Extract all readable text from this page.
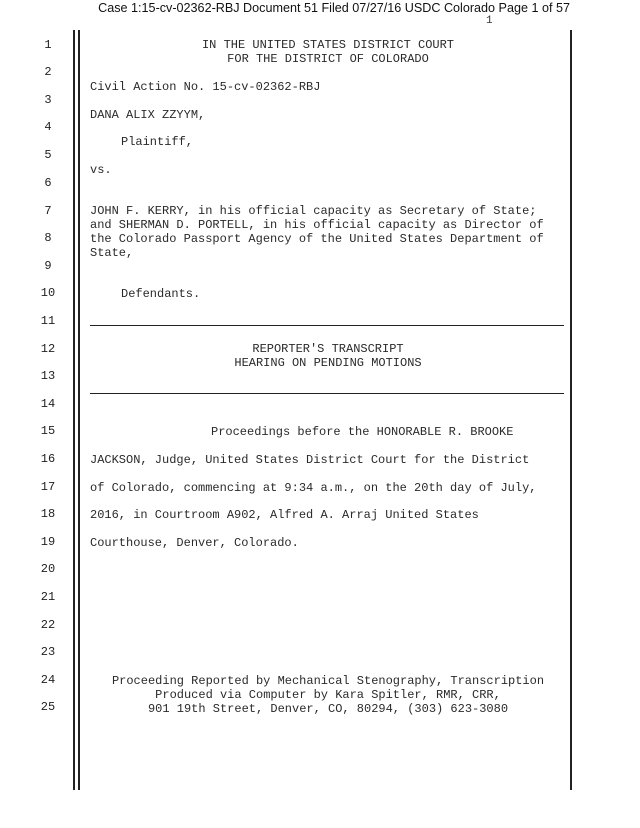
Case 1:15-cv-02362-RBJ Document 51 Filed 07/27/16 USDC Colorado Page 1 of 57
1
1
2
3
4
5
6
7
8
9
10
11
12
13
14
15
16
17
18
19
20
21
22
23
24
25
IN THE UNITED STATES DISTRICT COURT
FOR THE DISTRICT OF COLORADO
Civil Action No. 15-cv-02362-RBJ
DANA ALIX ZZYYM,
Plaintiff,
vs.
JOHN F. KERRY, in his official capacity as Secretary of State;
and SHERMAN D. PORTELL, in his official capacity as Director of
the Colorado Passport Agency of the United States Department of
State,
Defendants.
REPORTER'S TRANSCRIPT
HEARING ON PENDING MOTIONS
Proceedings before the HONORABLE R. BROOKE
JACKSON, Judge, United States District Court for the District
of Colorado, commencing at 9:34 a.m., on the 20th day of July,
2016, in Courtroom A902, Alfred A. Arraj United States
Courthouse, Denver, Colorado.
Proceeding Reported by Mechanical Stenography, Transcription
Produced via Computer by Kara Spitler, RMR, CRR,
901 19th Street, Denver, CO, 80294, (303) 623-3080
